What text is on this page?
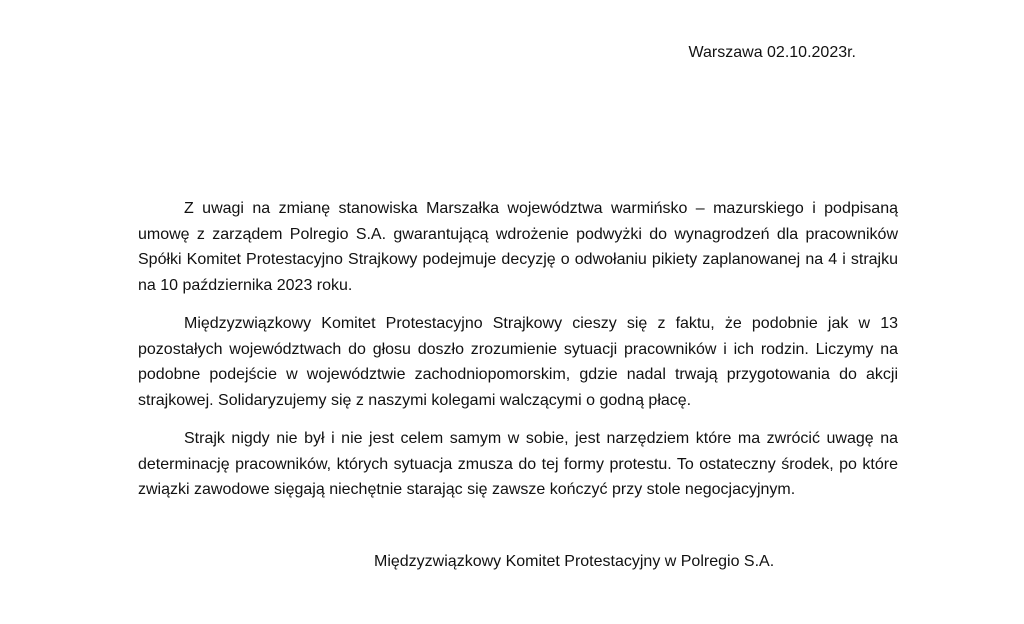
Warszawa 02.10.2023r.

Z uwagi na zmianę stanowiska Marszałka województwa warmińsko – mazurskiego i podpisaną umowę z zarządem Polregio S.A. gwarantującą wdrożenie podwyżki do wynagrodzeń dla pracowników Spółki Komitet Protestacyjno Strajkowy podejmuje decyzję o odwołaniu pikiety zaplanowanej na 4 i strajku na 10 października 2023 roku.

Międzyzwiązkowy Komitet Protestacyjno Strajkowy cieszy się z faktu, że podobnie jak w 13 pozostałych województwach do głosu doszło zrozumienie sytuacji pracowników i ich rodzin. Liczymy na podobne podejście w województwie zachodniopomorskim, gdzie nadal trwają przygotowania do akcji strajkowej. Solidaryzujemy się z naszymi kolegami walczącymi o godną płacę.

Strajk nigdy nie był i nie jest celem samym w sobie, jest narzędziem które ma zwrócić uwagę na determinację pracowników, których sytuacja zmusza do tej formy protestu. To ostateczny środek, po które związki zawodowe sięgają niechętnie starając się zawsze kończyć przy stole negocjacyjnym.

Międzyzwiązkowy Komitet Protestacyjny w Polregio S.A.
